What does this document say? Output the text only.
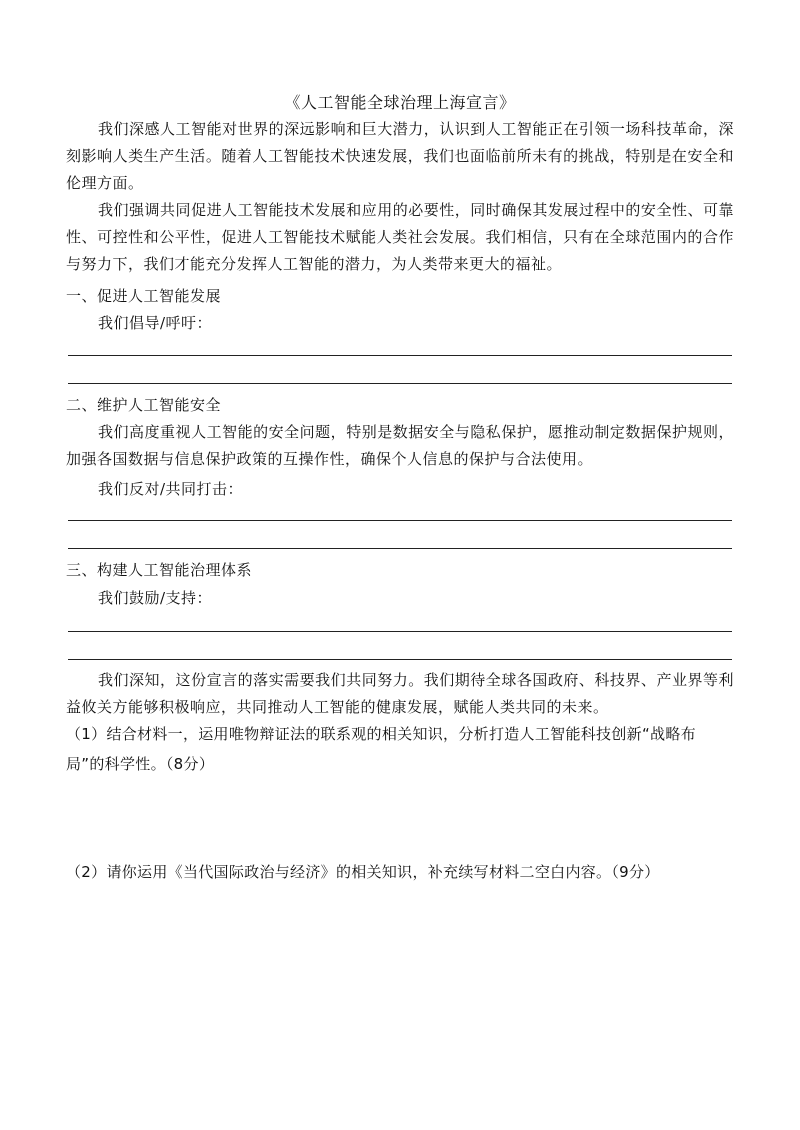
《人工智能全球治理上海宣言》
我们深感人工智能对世界的深远影响和巨大潜力，认识到人工智能正在引领一场科技革命，深刻影响人类生产生活。随着人工智能技术快速发展，我们也面临前所未有的挑战，特别是在安全和伦理方面。
我们强调共同促进人工智能技术发展和应用的必要性，同时确保其发展过程中的安全性、可靠性、可控性和公平性，促进人工智能技术赋能人类社会发展。我们相信，只有在全球范围内的合作与努力下，我们才能充分发挥人工智能的潜力，为人类带来更大的福祉。
一、促进人工智能发展
我们倡导/呼吁：
二、维护人工智能安全
我们高度重视人工智能的安全问题，特别是数据安全与隐私保护，愿推动制定数据保护规则，加强各国数据与信息保护政策的互操作性，确保个人信息的保护与合法使用。
我们反对/共同打击：
三、构建人工智能治理体系
我们鼓励/支持：
我们深知，这份宣言的落实需要我们共同努力。我们期待全球各国政府、科技界、产业界等利益攸关方能够积极响应，共同推动人工智能的健康发展，赋能人类共同的未来。
（1）结合材料一，运用唯物辩证法的联系观的相关知识，分析打造人工智能科技创新“战略布局”的科学性。（8分）
（2）请你运用《当代国际政治与经济》的相关知识，补充续写材料二空白内容。（9分）
